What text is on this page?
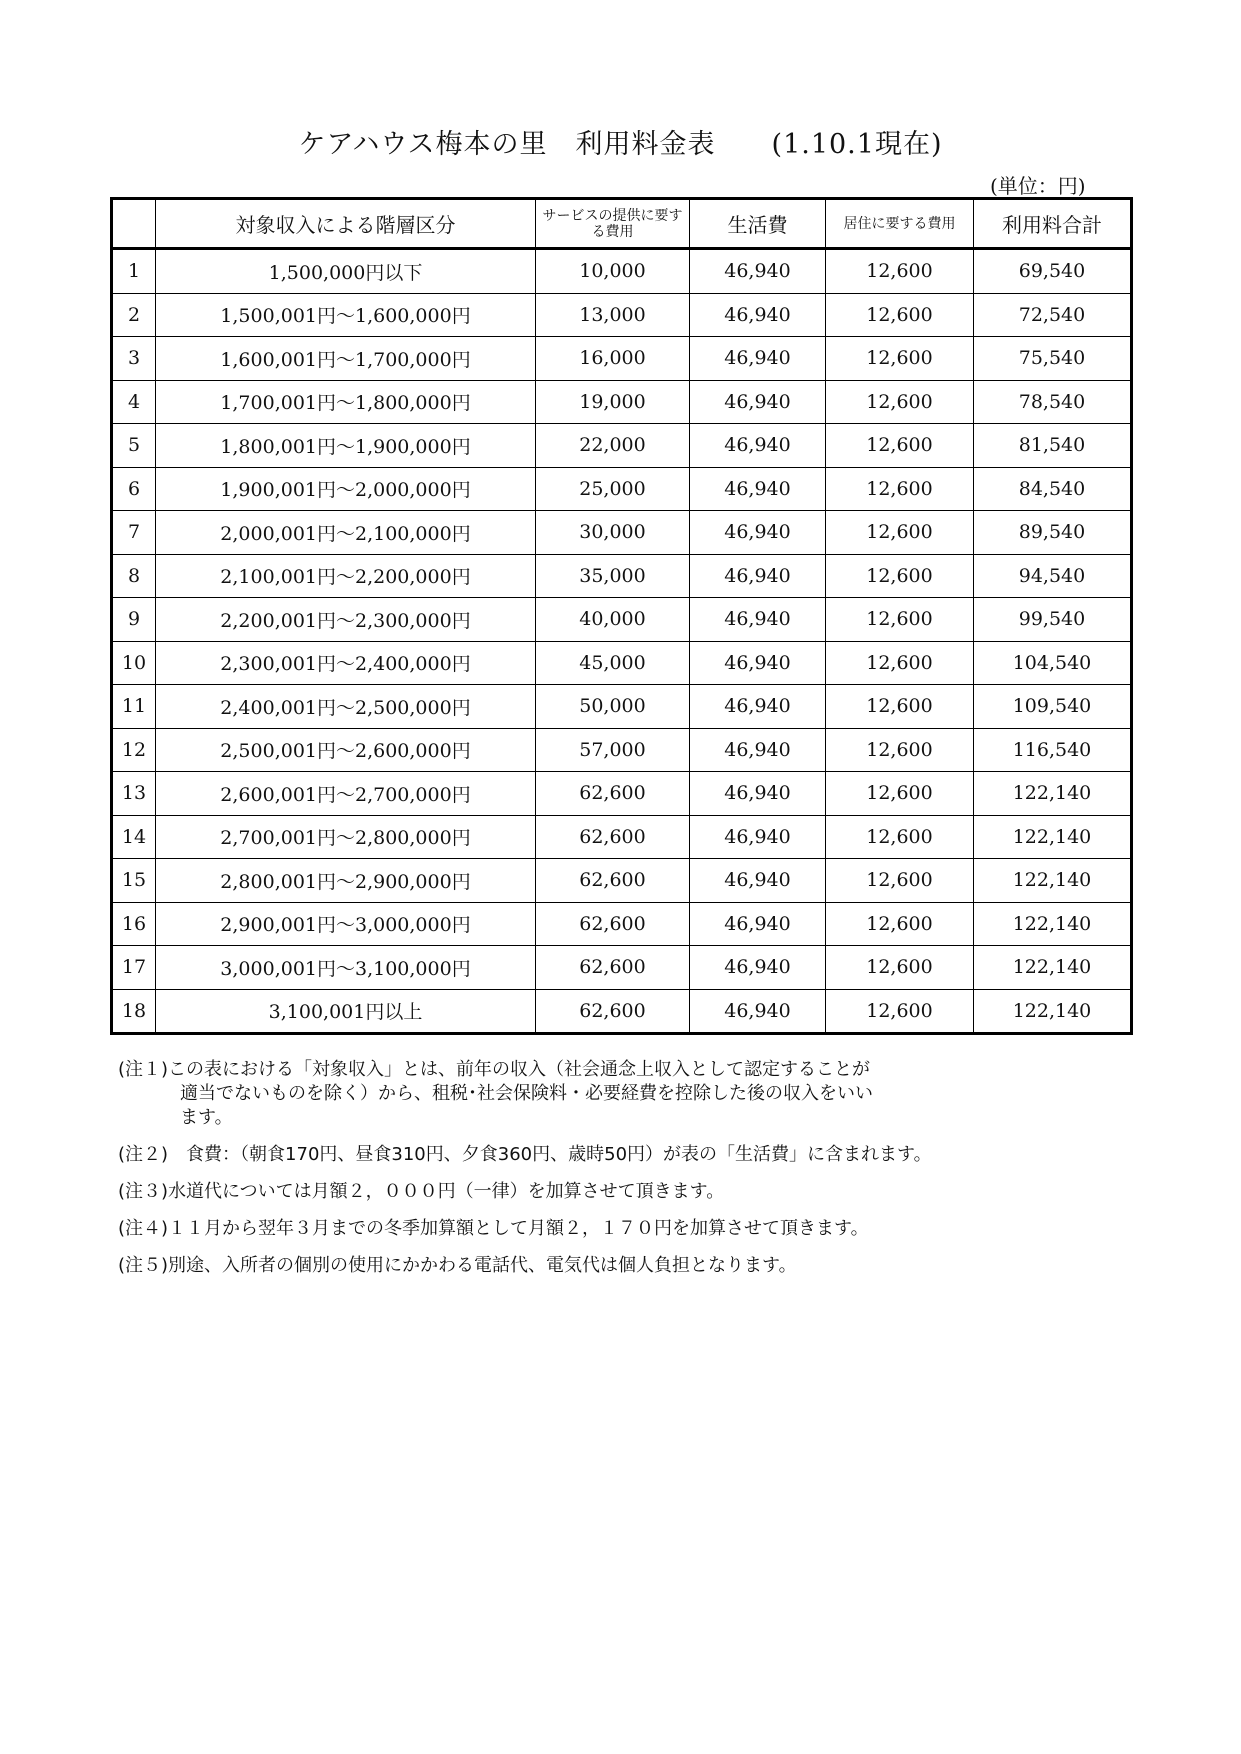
ケアハウス梅本の里　利用料金表　　(1.10.1現在)
(単位：円)
	対象収入による階層区分	サービスの提供に要する費用	生活費	居住に要する費用	利用料合計
1	1,500,000円以下	10,000	46,940	12,600	69,540
2	1,500,001円～1,600,000円	13,000	46,940	12,600	72,540
3	1,600,001円～1,700,000円	16,000	46,940	12,600	75,540
4	1,700,001円～1,800,000円	19,000	46,940	12,600	78,540
5	1,800,001円～1,900,000円	22,000	46,940	12,600	81,540
6	1,900,001円～2,000,000円	25,000	46,940	12,600	84,540
7	2,000,001円～2,100,000円	30,000	46,940	12,600	89,540
8	2,100,001円～2,200,000円	35,000	46,940	12,600	94,540
9	2,200,001円～2,300,000円	40,000	46,940	12,600	99,540
10	2,300,001円～2,400,000円	45,000	46,940	12,600	104,540
11	2,400,001円～2,500,000円	50,000	46,940	12,600	109,540
12	2,500,001円～2,600,000円	57,000	46,940	12,600	116,540
13	2,600,001円～2,700,000円	62,600	46,940	12,600	122,140
14	2,700,001円～2,800,000円	62,600	46,940	12,600	122,140
15	2,800,001円～2,900,000円	62,600	46,940	12,600	122,140
16	2,900,001円～3,000,000円	62,600	46,940	12,600	122,140
17	3,000,001円～3,100,000円	62,600	46,940	12,600	122,140
18	3,100,001円以上	62,600	46,940	12,600	122,140
(注１) この表における「対象収入」とは、前年の収入（社会通念上収入として認定することが
適当でないものを除く）から、租税･社会保険料・必要経費を控除した後の収入をいい
ます。
(注２) 　食費：（朝食170円、昼食310円、夕食360円、歳時50円）が表の「生活費」に含まれます。
(注３) 水道代については月額２，０００円（一律）を加算させて頂きます。
(注４) １１月から翌年３月までの冬季加算額として月額２，１７０円を加算させて頂きます。
(注５) 別途、入所者の個別の使用にかかわる電話代、電気代は個人負担となります。
